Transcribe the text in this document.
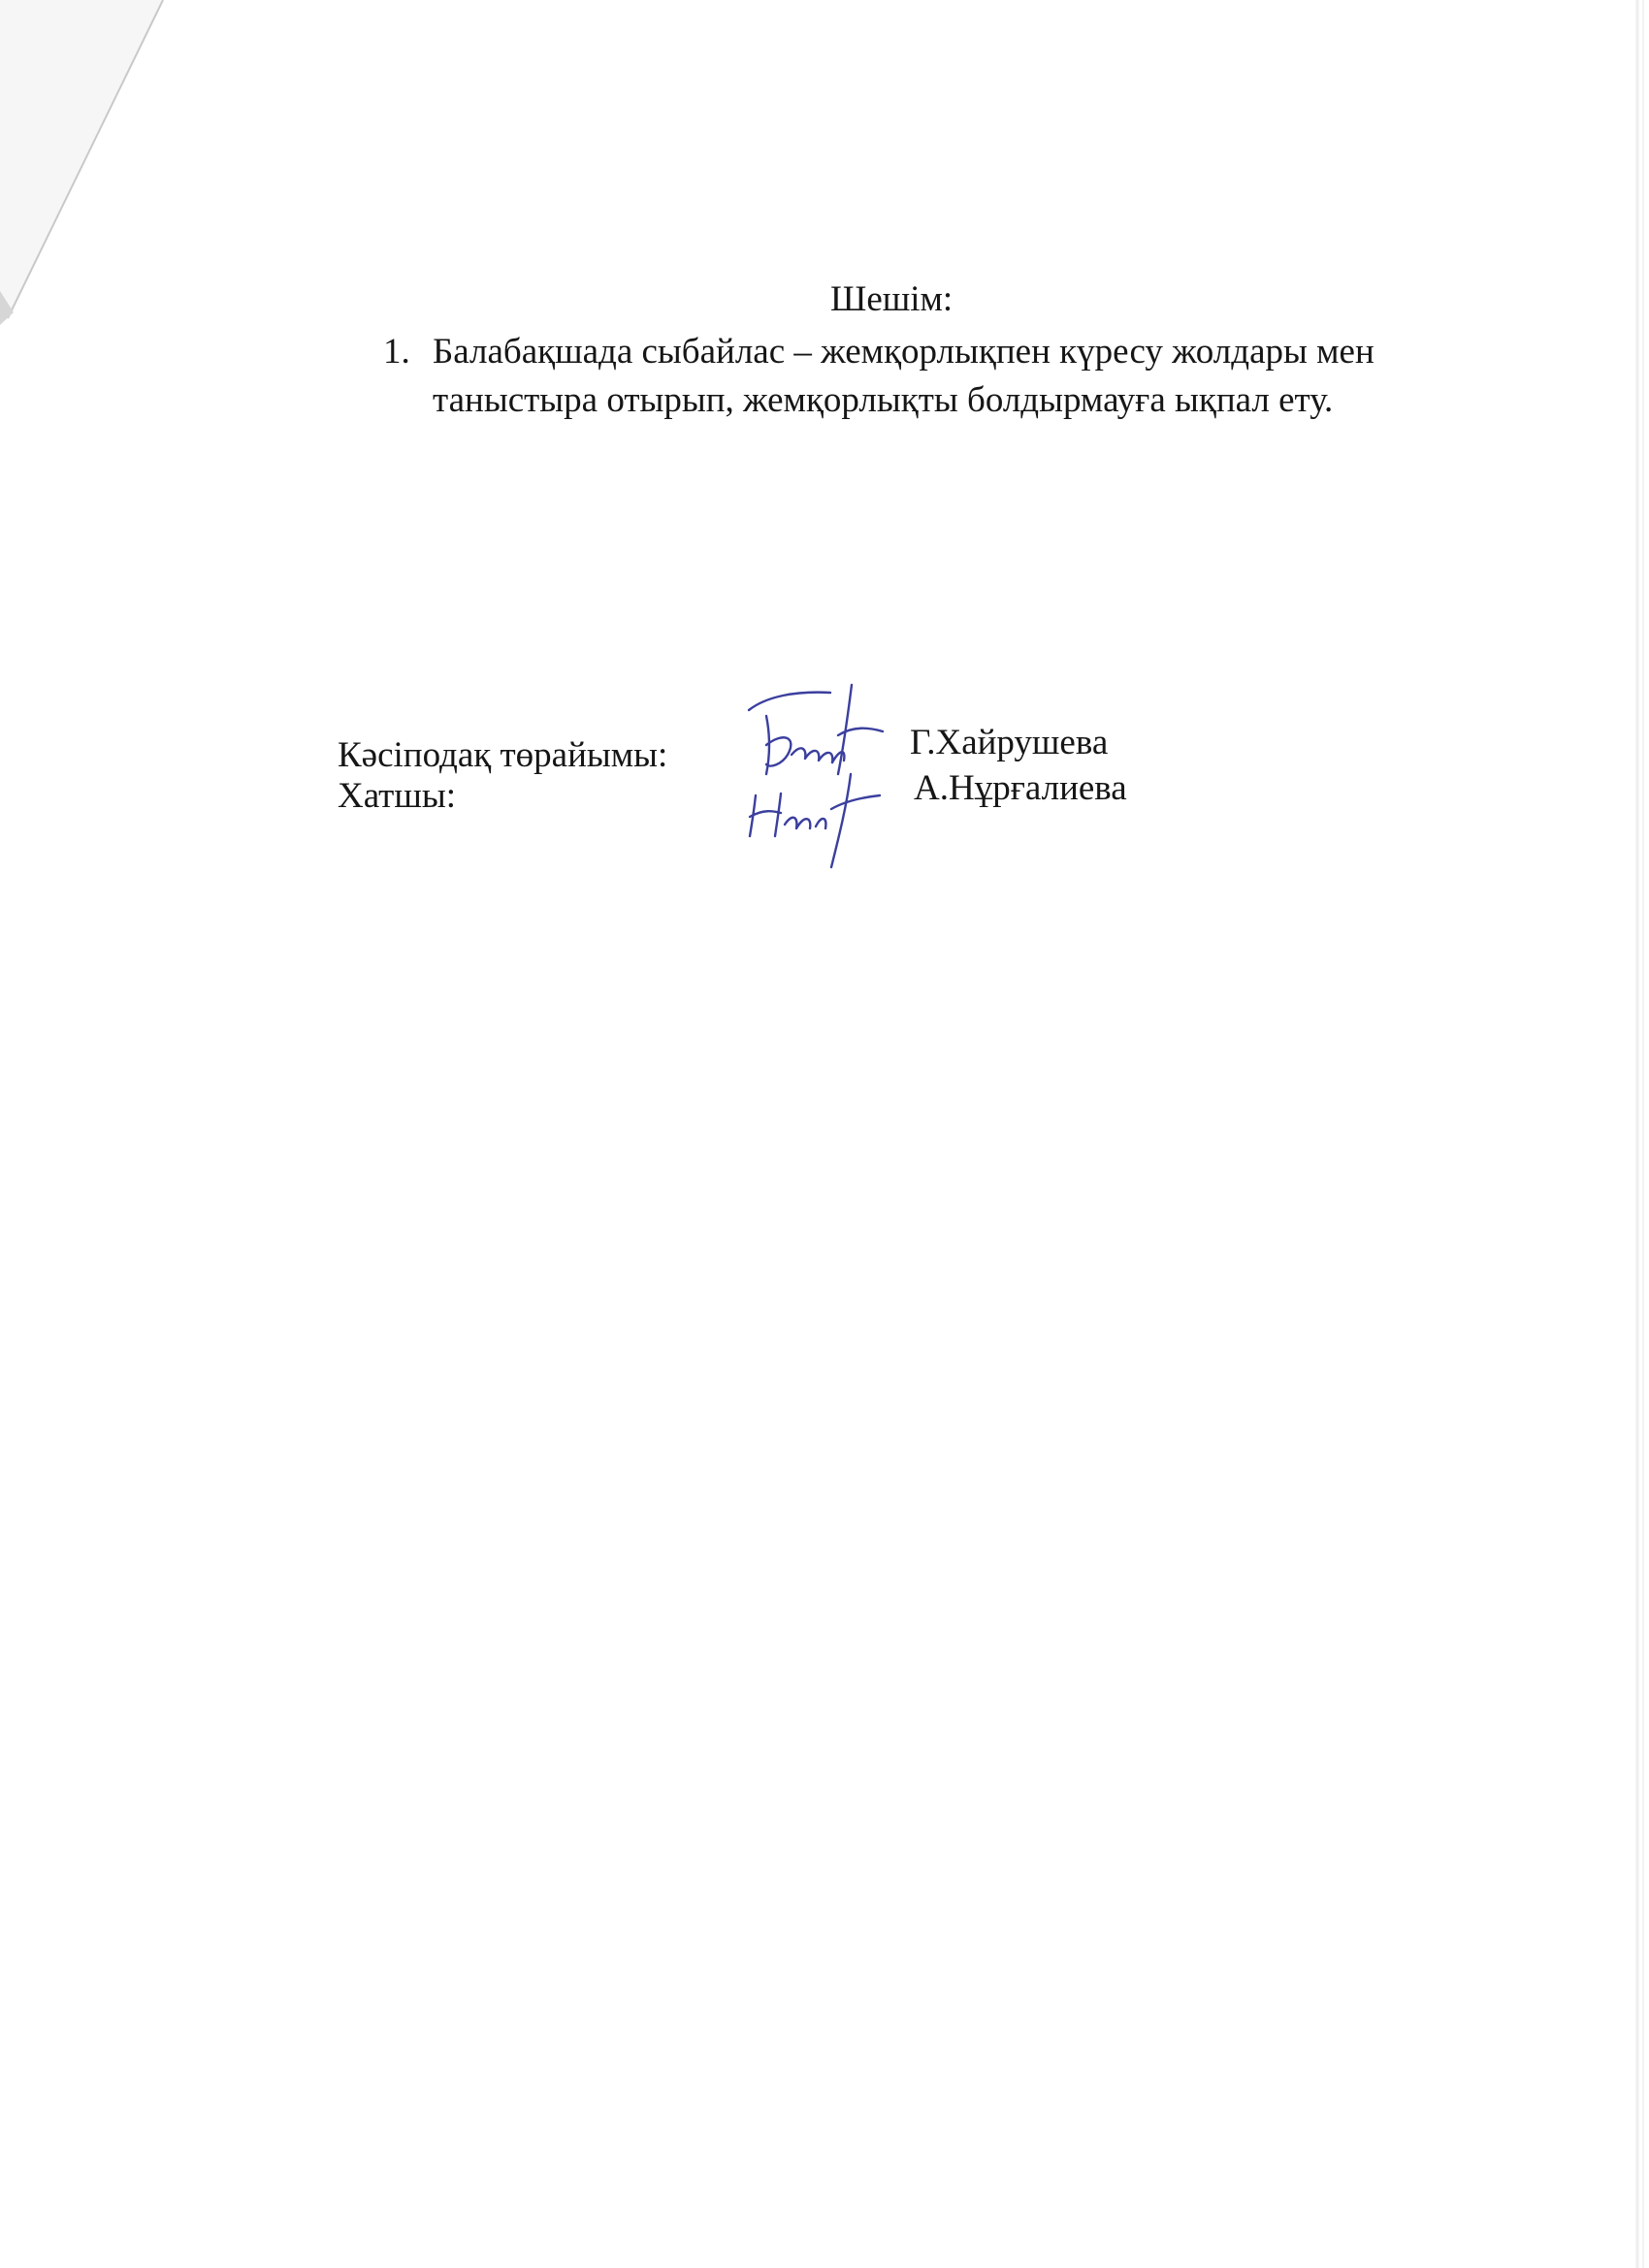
Шешім:
1. Балабақшада сыбайлас – жемқорлықпен күресу жолдары мен
таныстыра отырып, жемқорлықты болдырмауға ықпал ету.
Кәсіподақ төрайымы:	Г.Хайрушева
Хатшы:	А.Нұрғалиева
